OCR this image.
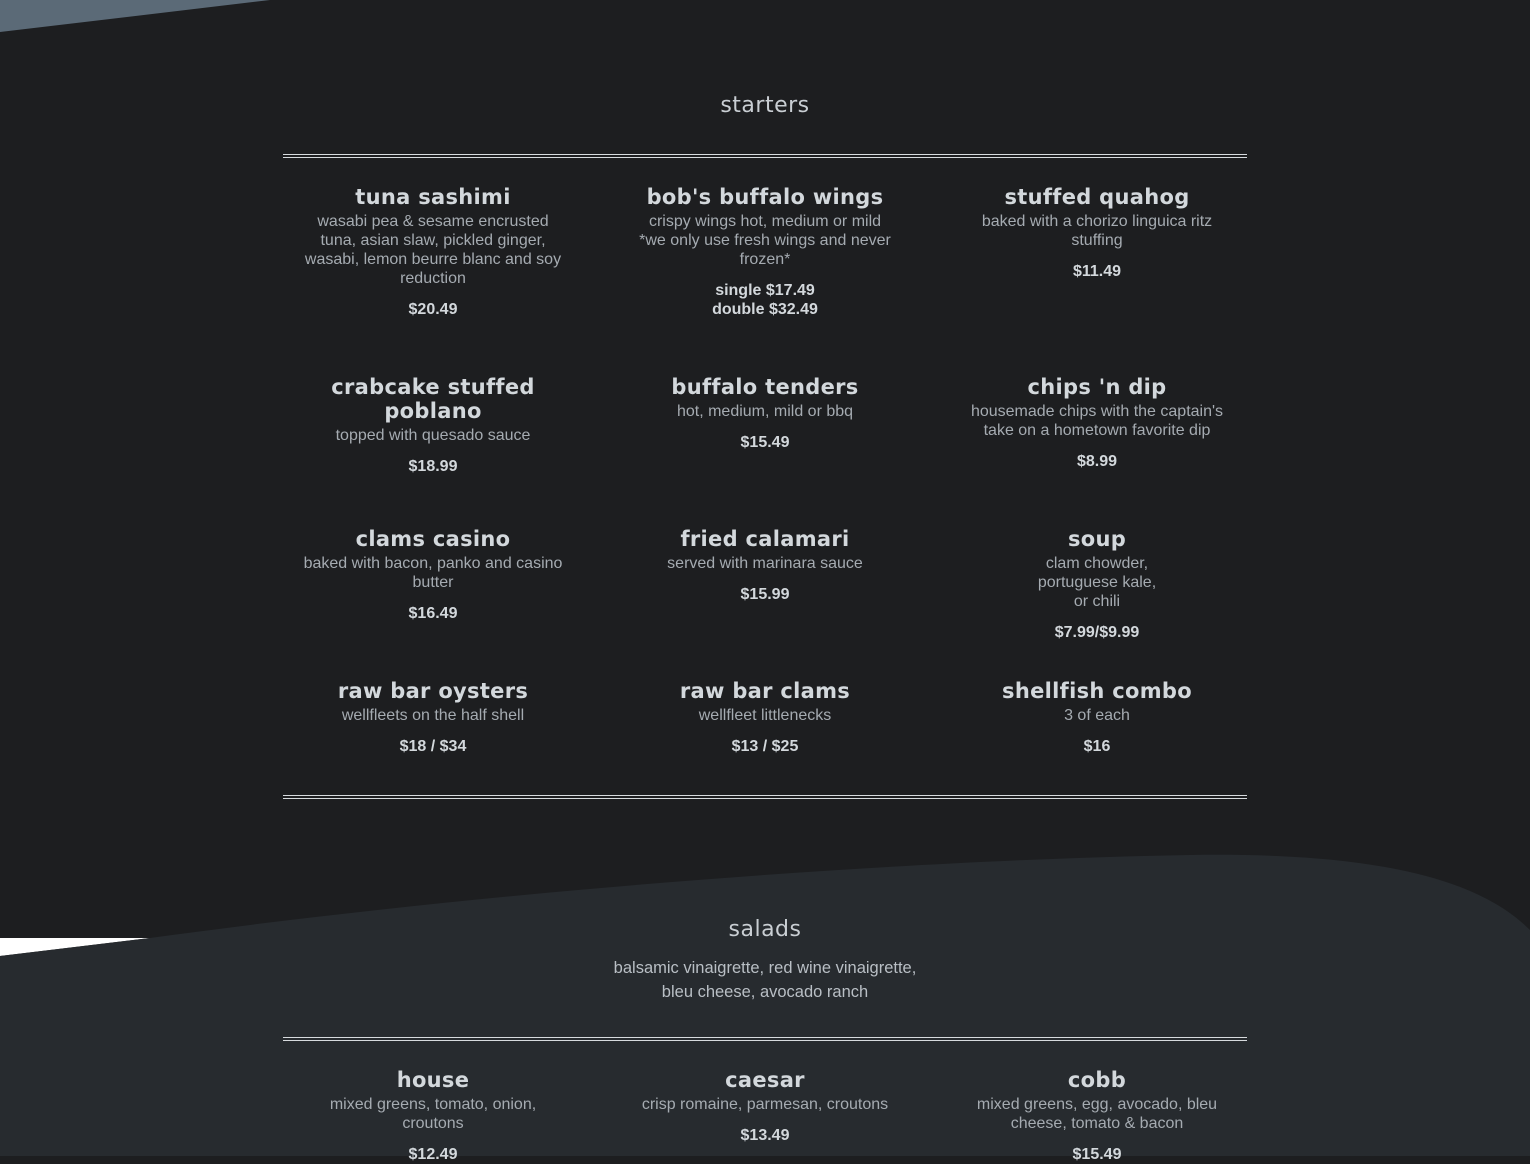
starters
tuna sashimi
wasabi pea & sesame encrusted tuna, asian slaw, pickled ginger, wasabi, lemon beurre blanc and soy reduction
$20.49
bob's buffalo wings
crispy wings hot, medium or mild
*we only use fresh wings and never frozen*
single $17.49
double $32.49
stuffed quahog
baked with a chorizo linguica ritz stuffing
$11.49
crabcake stuffed poblano
topped with quesado sauce
$18.99
buffalo tenders
hot, medium, mild or bbq
$15.49
chips 'n dip
housemade chips with the captain's take on a hometown favorite dip
$8.99
clams casino
baked with bacon, panko and casino butter
$16.49
fried calamari
served with marinara sauce
$15.99
soup
clam chowder,
portuguese kale,
or chili
$7.99/$9.99
raw bar oysters
wellfleets on the half shell
$18 / $34
raw bar clams
wellfleet littlenecks
$13 / $25
shellfish combo
3 of each
$16
salads
balsamic vinaigrette, red wine vinaigrette,
bleu cheese, avocado ranch
house
mixed greens, tomato, onion, croutons
$12.49
caesar
crisp romaine, parmesan, croutons
$13.49
cobb
mixed greens, egg, avocado, bleu cheese, tomato & bacon
$15.49
